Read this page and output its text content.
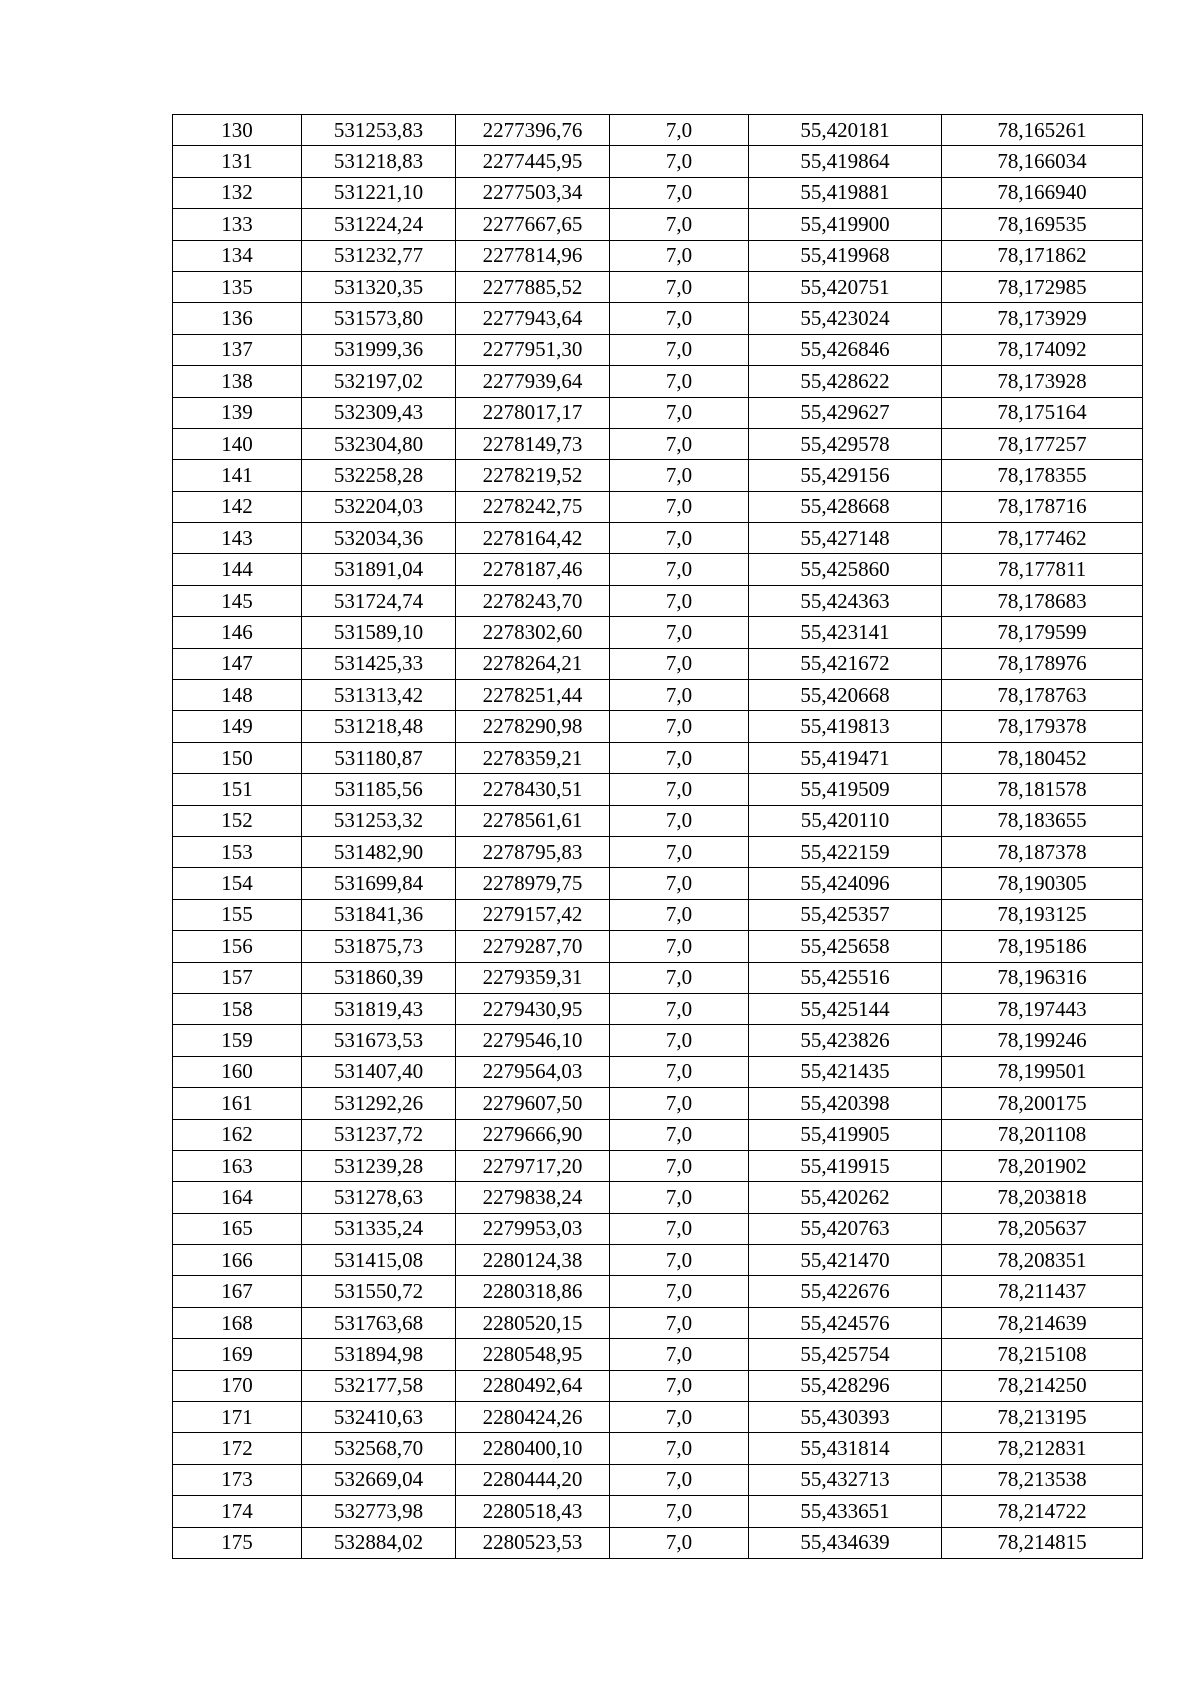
130	531253,83	2277396,76	7,0	55,420181	78,165261
131	531218,83	2277445,95	7,0	55,419864	78,166034
132	531221,10	2277503,34	7,0	55,419881	78,166940
133	531224,24	2277667,65	7,0	55,419900	78,169535
134	531232,77	2277814,96	7,0	55,419968	78,171862
135	531320,35	2277885,52	7,0	55,420751	78,172985
136	531573,80	2277943,64	7,0	55,423024	78,173929
137	531999,36	2277951,30	7,0	55,426846	78,174092
138	532197,02	2277939,64	7,0	55,428622	78,173928
139	532309,43	2278017,17	7,0	55,429627	78,175164
140	532304,80	2278149,73	7,0	55,429578	78,177257
141	532258,28	2278219,52	7,0	55,429156	78,178355
142	532204,03	2278242,75	7,0	55,428668	78,178716
143	532034,36	2278164,42	7,0	55,427148	78,177462
144	531891,04	2278187,46	7,0	55,425860	78,177811
145	531724,74	2278243,70	7,0	55,424363	78,178683
146	531589,10	2278302,60	7,0	55,423141	78,179599
147	531425,33	2278264,21	7,0	55,421672	78,178976
148	531313,42	2278251,44	7,0	55,420668	78,178763
149	531218,48	2278290,98	7,0	55,419813	78,179378
150	531180,87	2278359,21	7,0	55,419471	78,180452
151	531185,56	2278430,51	7,0	55,419509	78,181578
152	531253,32	2278561,61	7,0	55,420110	78,183655
153	531482,90	2278795,83	7,0	55,422159	78,187378
154	531699,84	2278979,75	7,0	55,424096	78,190305
155	531841,36	2279157,42	7,0	55,425357	78,193125
156	531875,73	2279287,70	7,0	55,425658	78,195186
157	531860,39	2279359,31	7,0	55,425516	78,196316
158	531819,43	2279430,95	7,0	55,425144	78,197443
159	531673,53	2279546,10	7,0	55,423826	78,199246
160	531407,40	2279564,03	7,0	55,421435	78,199501
161	531292,26	2279607,50	7,0	55,420398	78,200175
162	531237,72	2279666,90	7,0	55,419905	78,201108
163	531239,28	2279717,20	7,0	55,419915	78,201902
164	531278,63	2279838,24	7,0	55,420262	78,203818
165	531335,24	2279953,03	7,0	55,420763	78,205637
166	531415,08	2280124,38	7,0	55,421470	78,208351
167	531550,72	2280318,86	7,0	55,422676	78,211437
168	531763,68	2280520,15	7,0	55,424576	78,214639
169	531894,98	2280548,95	7,0	55,425754	78,215108
170	532177,58	2280492,64	7,0	55,428296	78,214250
171	532410,63	2280424,26	7,0	55,430393	78,213195
172	532568,70	2280400,10	7,0	55,431814	78,212831
173	532669,04	2280444,20	7,0	55,432713	78,213538
174	532773,98	2280518,43	7,0	55,433651	78,214722
175	532884,02	2280523,53	7,0	55,434639	78,214815
